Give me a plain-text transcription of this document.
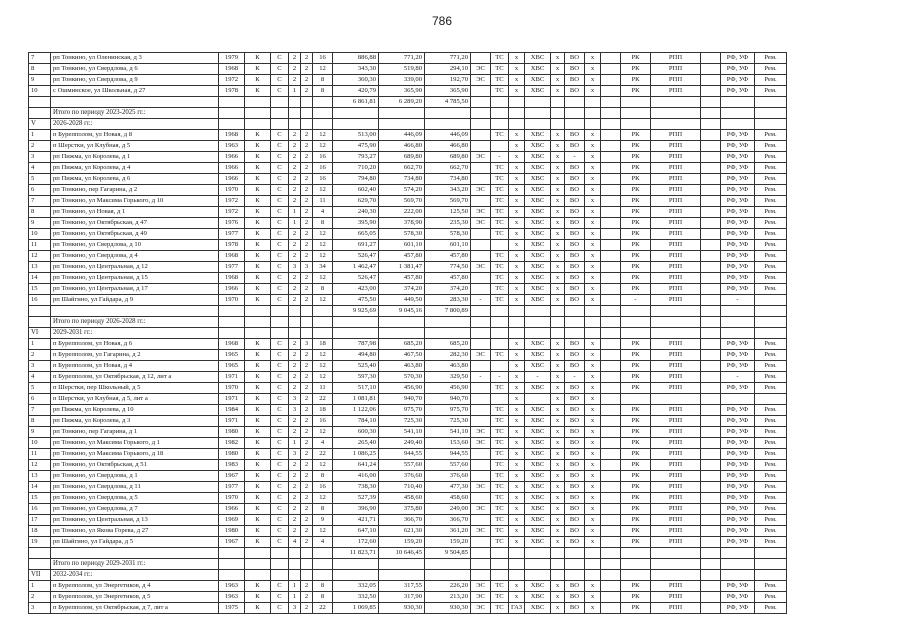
786
7	рп Тонкино, ул Оленинская, д 3	1979	К	С	2	2	16	886,88	771,20	771,20		ТС	х	ХВС	х	ВО	х		РК	РПП		РФ, УФ	Рем.
8	рп Тонкино, ул Свердлова, д 6	1968	К	С	2	2	12	343,30	519,80	294,10	ЭС	ТС	х	ХВС	х	ВО	х		РК	РПП		РФ, УФ	Рем.
9	рп Тонкино, ул Свердлова, д 9	1972	К	С	2	2	8	360,30	339,00	192,70	ЭС	ТС	х	ХВС	х	ВО	х		РК	РПП		РФ, УФ	Рем.
10	с Ошминское, ул Школьная, д 27	1978	К	С	1	2	8	420,79	365,90	365,90		ТС	х	ХВС	х	ВО	х		РК	РПП		РФ, УФ	Рем.
								6 861,81	6 289,20	4 785,50													
	Итого по периоду 2023-2025 гг.:																						
V	2026-2028 гг.:																						
1	п Бурепполом, ул Новая, д 8	1968	К	С	2	2	12	513,00	446,09	446,09		ТС	х	ХВС	х	ВО	х		РК	РПП		РФ, УФ	Рем.
2	п Шерстки, ул Клубная, д 5	1963	К	С	2	2	12	475,90	466,80	466,80			х	ХВС	х	ВО	х		РК	РПП		РФ, УФ	Рем.
3	рп Пижма, ул Королева, д 1	1966	К	С	2	2	16	793,27	689,80	689,80	ЭС	-	х	ХВС	х	-	х		РК	РПП		РФ, УФ	Рем.
4	рп Пижма, ул Королева, д 4	1966	К	С	2	2	16	710,20	662,70	662,70		ТС	х	ХВС	х	ВО	х		РК	РПП		РФ, УФ	Рем.
5	рп Пижма, ул Королева, д 6	1966	К	С	2	2	16	794,80	734,80	734,80		ТС	х	ХВС	х	ВО	х		РК	РПП		РФ, УФ	Рем.
6	рп Тонкино, пер Гагарина, д 2	1970	К	С	2	2	12	602,40	574,20	343,20	ЭС	ТС	х	ХВС	х	ВО	х		РК	РПП		РФ, УФ	Рем.
7	рп Тонкино, ул Максима Горького, д 10	1972	К	С	2	2	11	629,70	569,70	569,70		ТС	х	ХВС	х	ВО	х		РК	РПП		РФ, УФ	Рем.
8	рп Тонкино, ул Новая, д 1	1972	К	С	1	2	4	240,30	222,00	125,50	ЭС	ТС	х	ХВС	х	ВО	х		РК	РПП		РФ, УФ	Рем.
9	рп Тонкино, ул Октябрьская, д 47	1976	К	С	1	2	8	395,90	378,90	235,30	ЭС	ТС	х	ХВС	х	ВО	х		РК	РПП		РФ, УФ	Рем.
10	рп Тонкино, ул Октябрьская, д 49	1977	К	С	2	2	12	665,05	578,30	578,30		ТС	х	ХВС	х	ВО	х		РК	РПП		РФ, УФ	Рем.
11	рп Тонкино, ул Свердлова, д 10	1978	К	С	2	2	12	691,27	601,10	601,10			х	ХВС	х	ВО	х		РК	РПП		РФ, УФ	Рем.
12	рп Тонкино, ул Свердлова, д 4	1968	К	С	2	2	12	526,47	457,80	457,80		ТС	х	ХВС	х	ВО	х		РК	РПП		РФ, УФ	Рем.
13	рп Тонкино, ул Центральная, д 12	1977	К	С	3	3	34	1 462,47	1 381,47	774,50	ЭС	ТС	х	ХВС	х	ВО	х		РК	РПП		РФ, УФ	Рем.
14	рп Тонкино, ул Центральная, д 15	1968	К	С	2	2	12	526,47	457,80	457,80		ТС	х	ХВС	х	ВО	х		РК	РПП		РФ, УФ	Рем.
15	рп Тонкино, ул Центральная, д 17	1966	К	С	2	2	8	423,00	374,20	374,20		ТС	х	ХВС	х	ВО	х		РК	РПП		РФ, УФ	Рем.
16	рп Шайгино, ул Гайдара, д 9	1970	К	С	2	2	12	475,50	449,50	283,30	-	ТС	х	ХВС	х	ВО	х		-	РПП		-	
								9 925,69	9 045,16	7 800,89													
	Итого по периоду 2026-2028 гг.:																						
VI	2029-2031 гг.:																						
1	п Бурепполом, ул Новая, д 6	1968	К	С	2	3	18	787,98	685,20	685,20			х	ХВС	х	ВО	х		РК	РПП		РФ, УФ	Рем.
2	п Бурепполом, ул Гагарина, д 2	1965	К	С	2	2	12	494,80	467,50	282,30	ЭС	ТС	х	ХВС	х	ВО	х		РК	РПП		РФ, УФ	Рем.
3	п Бурепполом, ул Новая, д 4	1965	К	С	2	2	12	525,40	463,80	463,80			х	ХВС	х	ВО	х		РК	РПП		РФ, УФ	Рем.
4	п Бурепполом, ул Октябрьская, д 12, лит а	1971	К	С	2	2	12	597,30	570,30	329,50	-	-	х	-	х	-	х		РК	РПП		-	Рем.
5	п Шерстки, пер Школьный, д 5	1970	К	С	2	2	11	517,10	456,90	456,90		ТС	х	ХВС	х	ВО	х		РК	РПП		РФ, УФ	Рем.
6	п Шерстки, ул Клубная, д 5, лит а	1971	К	С	3	2	22	1 081,81	940,70	940,70			х		х	ВО	х						
7	рп Пижма, ул Королева, д 10	1984	К	С	3	2	18	1 122,06	975,70	975,70		ТС	х	ХВС	х	ВО	х		РК	РПП		РФ, УФ	Рем.
8	рп Пижма, ул Королева, д 3	1971	К	С	2	2	16	784,10	725,30	725,30		ТС	х	ХВС	х	ВО	х		РК	РПП		РФ, УФ	Рем.
9	рп Тонкино, пер Гагарина, д 1	1980	К	С	2	2	12	600,30	541,10	541,10	ЭС	ТС	х	ХВС	х	ВО	х		РК	РПП		РФ, УФ	Рем.
10	рп Тонкино, ул Максима Горького, д 1	1982	К	С	1	2	4	265,40	249,40	153,60	ЭС	ТС	х	ХВС	х	ВО	х		РК	РПП		РФ, УФ	Рем.
11	рп Тонкино, ул Максима Горького, д 18	1980	К	С	3	2	22	1 086,25	944,55	944,55		ТС	х	ХВС	х	ВО	х		РК	РПП		РФ, УФ	Рем.
12	рп Тонкино, ул Октябрьская, д 51	1983	К	С	2	2	12	641,24	557,60	557,60		ТС	х	ХВС	х	ВО	х		РК	РПП		РФ, УФ	Рем.
13	рп Тонкино, ул Свердлова, д 1	1967	К	С	2	2	8	416,00	376,60	376,60		ТС	х	ХВС	х	ВО	х		РК	РПП		РФ, УФ	Рем.
14	рп Тонкино, ул Свердлова, д 11	1977	К	С	2	2	16	738,30	710,40	477,30	ЭС	ТС	х	ХВС	х	ВО	х		РК	РПП		РФ, УФ	Рем.
15	рп Тонкино, ул Свердлова, д 5	1970	К	С	2	2	12	527,39	458,60	458,60		ТС	х	ХВС	х	ВО	х		РК	РПП		РФ, УФ	Рем.
16	рп Тонкино, ул Свердлова, д 7	1966	К	С	2	2	8	396,90	375,80	249,00	ЭС	ТС	х	ХВС	х	ВО	х		РК	РПП		РФ, УФ	Рем.
17	рп Тонкино, ул Центральная, д 13	1969	К	С	2	2	9	421,71	366,70	366,70		ТС	х	ХВС	х	ВО	х		РК	РПП		РФ, УФ	Рем.
18	рп Тонкино, ул Якова Горева, д 27	1980	К	С	2	2	12	647,10	621,30	361,20	ЭС	ТС	х	ХВС	х	ВО	х		РК	РПП		РФ, УФ	Рем.
19	рп Шайгино, ул Гайдара, д 5	1967	К	С	4	2	4	172,60	159,20	159,20		ТС	х	ХВС	х	ВО	х		РК	РПП		РФ, УФ	Рем.
								11 823,71	10 646,45	9 504,85													
	Итого по периоду 2029-2031 гг.:																						
VII	2032-2034 гг.:																						
1	п Бурепполом, ул Энергетиков, д 4	1963	К	С	1	2	8	332,05	317,55	226,20	ЭС	ТС	х	ХВС	х	ВО	х		РК	РПП		РФ, УФ	Рем.
2	п Бурепполом, ул Энергетиков, д 5	1963	К	С	1	2	8	332,50	317,90	213,20	ЭС	ТС	х	ХВС	х	ВО	х		РК	РПП		РФ, УФ	Рем.
3	п Бурепполом, ул Октябрьская, д 7, лит а	1975	К	С	3	2	22	1 069,85	930,30	930,30	ЭС	ТС	ГАЗ	ХВС	х	ВО	х		РК	РПП		РФ, УФ	Рем.
